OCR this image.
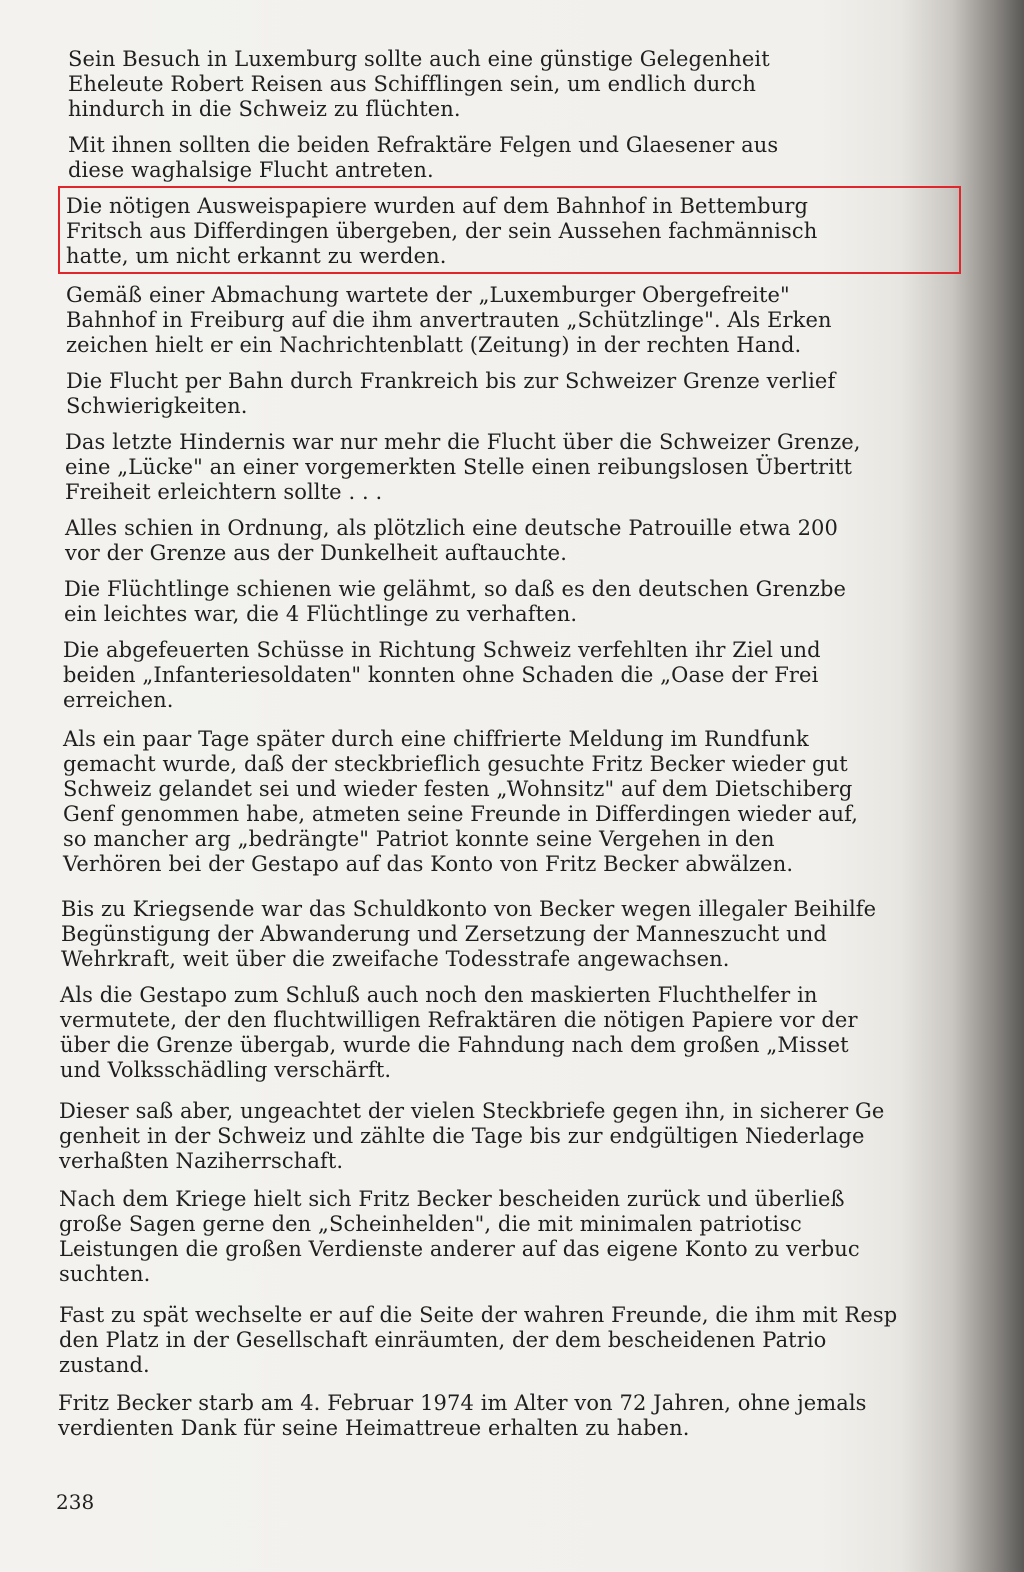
Sein Besuch in Luxemburg sollte auch eine günstige Gelegenheit
Eheleute Robert Reisen aus Schifflingen sein, um endlich durch
hindurch in die Schweiz zu flüchten.
Mit ihnen sollten die beiden Refraktäre Felgen und Glaesener aus
diese waghalsige Flucht antreten.
Die nötigen Ausweispapiere wurden auf dem Bahnhof in Bettemburg
Fritsch aus Differdingen übergeben, der sein Aussehen fachmännisch
hatte, um nicht erkannt zu werden.
Gemäß einer Abmachung wartete der „Luxemburger Obergefreite"
Bahnhof in Freiburg auf die ihm anvertrauten „Schützlinge". Als Erken
zeichen hielt er ein Nachrichtenblatt (Zeitung) in der rechten Hand.
Die Flucht per Bahn durch Frankreich bis zur Schweizer Grenze verlief
Schwierigkeiten.
Das letzte Hindernis war nur mehr die Flucht über die Schweizer Grenze,
eine „Lücke" an einer vorgemerkten Stelle einen reibungslosen Übertritt
Freiheit erleichtern sollte . . .
Alles schien in Ordnung, als plötzlich eine deutsche Patrouille etwa 200
vor der Grenze aus der Dunkelheit auftauchte.
Die Flüchtlinge schienen wie gelähmt, so daß es den deutschen Grenzbe
ein leichtes war, die 4 Flüchtlinge zu verhaften.
Die abgefeuerten Schüsse in Richtung Schweiz verfehlten ihr Ziel und
beiden „Infanteriesoldaten" konnten ohne Schaden die „Oase der Frei
erreichen.
Als ein paar Tage später durch eine chiffrierte Meldung im Rundfunk
gemacht wurde, daß der steckbrieflich gesuchte Fritz Becker wieder gut
Schweiz gelandet sei und wieder festen „Wohnsitz" auf dem Dietschiberg
Genf genommen habe, atmeten seine Freunde in Differdingen wieder auf,
so mancher arg „bedrängte" Patriot konnte seine Vergehen in den
Verhören bei der Gestapo auf das Konto von Fritz Becker abwälzen.
Bis zu Kriegsende war das Schuldkonto von Becker wegen illegaler Beihilfe
Begünstigung der Abwanderung und Zersetzung der Manneszucht und
Wehrkraft, weit über die zweifache Todesstrafe angewachsen.
Als die Gestapo zum Schluß auch noch den maskierten Fluchthelfer in
vermutete, der den fluchtwilligen Refraktären die nötigen Papiere vor der
über die Grenze übergab, wurde die Fahndung nach dem großen „Misset
und Volksschädling verschärft.
Dieser saß aber, ungeachtet der vielen Steckbriefe gegen ihn, in sicherer Ge
genheit in der Schweiz und zählte die Tage bis zur endgültigen Niederlage
verhaßten Naziherrschaft.
Nach dem Kriege hielt sich Fritz Becker bescheiden zurück und überließ
große Sagen gerne den „Scheinhelden", die mit minimalen patriotisc
Leistungen die großen Verdienste anderer auf das eigene Konto zu verbuc
suchten.
Fast zu spät wechselte er auf die Seite der wahren Freunde, die ihm mit Resp
den Platz in der Gesellschaft einräumten, der dem bescheidenen Patrio
zustand.
Fritz Becker starb am 4. Februar 1974 im Alter von 72 Jahren, ohne jemals
verdienten Dank für seine Heimattreue erhalten zu haben.
238
